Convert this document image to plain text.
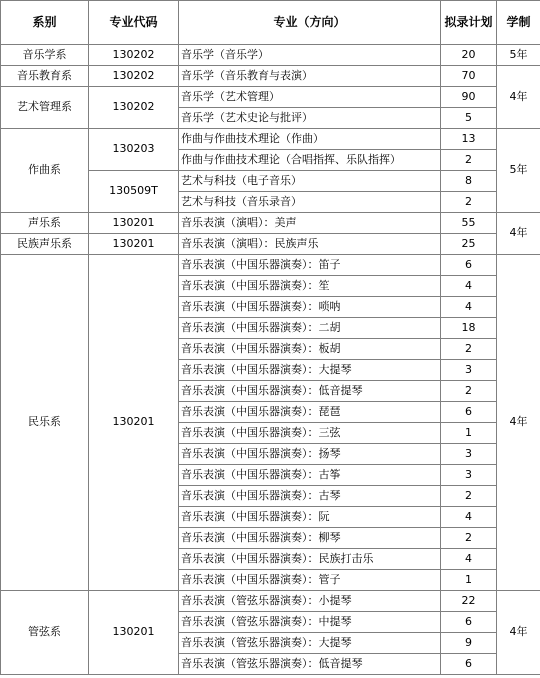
系别	专业代码	专业（方向）	拟录计划	学制
音乐学系	130202	音乐学（音乐学）	20	5年
音乐教育系	130202	音乐学（音乐教育与表演）	70	4年
艺术管理系	130202	音乐学（艺术管理）	90	
		音乐学（艺术史论与批评）	5	
作曲系	130203	作曲与作曲技术理论（作曲）	13	5年
		作曲与作曲技术理论（合唱指挥、乐队指挥）	2	
	130509T	艺术与科技（电子音乐）	8	
		艺术与科技（音乐录音）	2	
声乐系	130201	音乐表演（演唱）：美声	55	4年
民族声乐系	130201	音乐表演（演唱）：民族声乐	25	
民乐系	130201	音乐表演（中国乐器演奏）：笛子	6	4年
		音乐表演（中国乐器演奏）：笙	4	
		音乐表演（中国乐器演奏）：唢呐	4	
		音乐表演（中国乐器演奏）：二胡	18	
		音乐表演（中国乐器演奏）：板胡	2	
		音乐表演（中国乐器演奏）：大提琴	3	
		音乐表演（中国乐器演奏）：低音提琴	2	
		音乐表演（中国乐器演奏）：琵琶	6	
		音乐表演（中国乐器演奏）：三弦	1	
		音乐表演（中国乐器演奏）：扬琴	3	
		音乐表演（中国乐器演奏）：古筝	3	
		音乐表演（中国乐器演奏）：古琴	2	
		音乐表演（中国乐器演奏）：阮	4	
		音乐表演（中国乐器演奏）：柳琴	2	
		音乐表演（中国乐器演奏）：民族打击乐	4	
		音乐表演（中国乐器演奏）：管子	1	
管弦系	130201	音乐表演（管弦乐器演奏）：小提琴	22	4年
		音乐表演（管弦乐器演奏）：中提琴	6	
		音乐表演（管弦乐器演奏）：大提琴	9	
		音乐表演（管弦乐器演奏）：低音提琴	6	
